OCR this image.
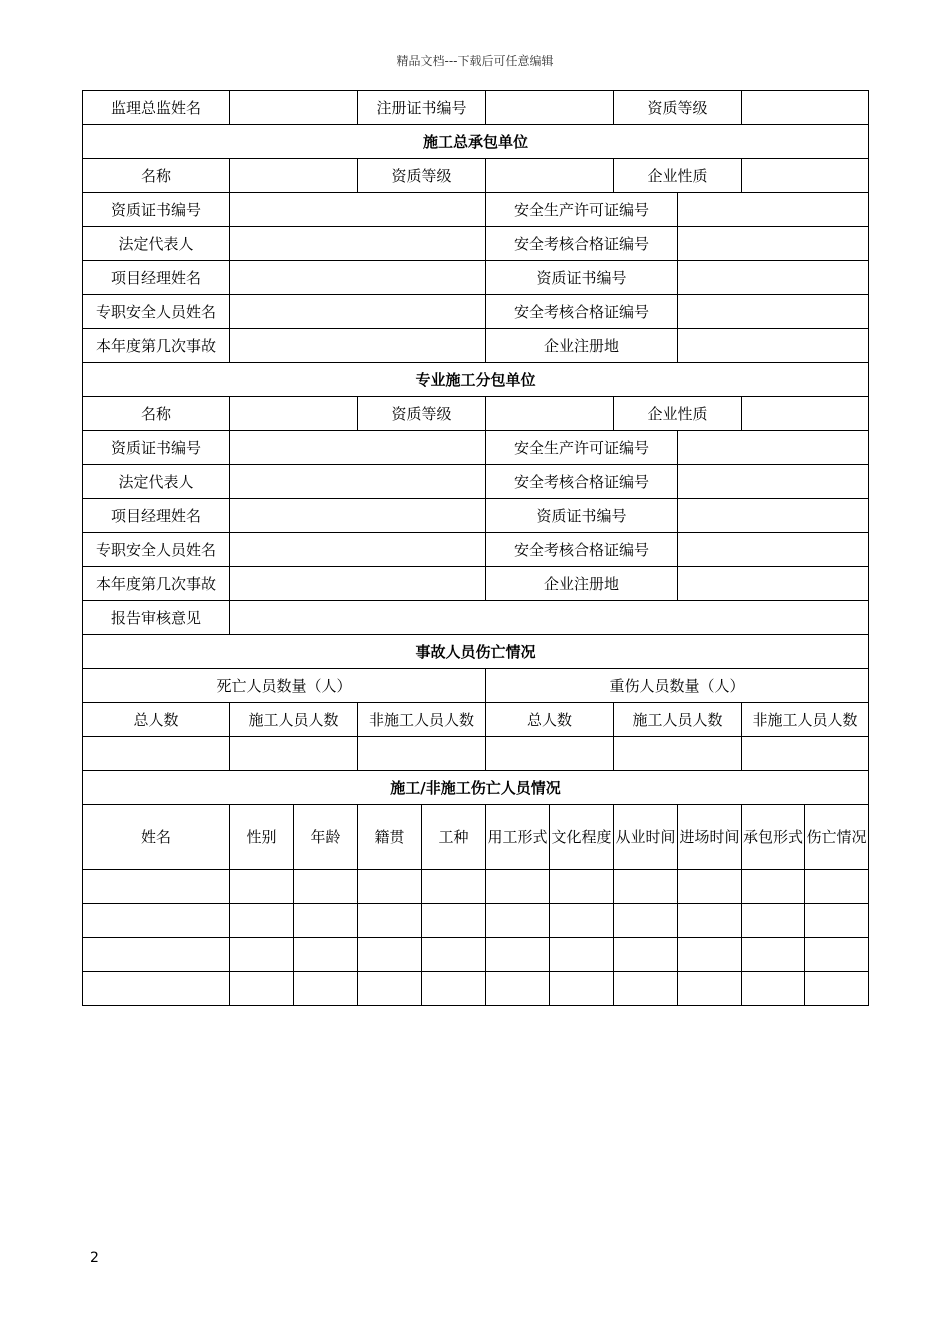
精品文档---下载后可任意编辑
监理总监姓名			注册证书编号				资质等级			
施工总承包单位										
名称			资质等级				企业性质			
资质证书编号					安全生产许可证编号					
法定代表人					安全考核合格证编号					
项目经理姓名					资质证书编号					
专职安全人员姓名					安全考核合格证编号					
本年度第几次事故					企业注册地					
专业施工分包单位										
名称			资质等级				企业性质			
资质证书编号					安全生产许可证编号					
法定代表人					安全考核合格证编号					
项目经理姓名					资质证书编号					
专职安全人员姓名					安全考核合格证编号					
本年度第几次事故					企业注册地					
报告审核意见	

事故人员伤亡情况										
死亡人员数量（人）					重伤人员数量（人）					
总人数	施工人员人数		非施工人员人数		总人数		施工人员人数		非施工人员人数	

施工/非施工伤亡人员情况										
姓名	性别	年龄	籍贯	工种	用工形式	文化程度	从业时间	进场时间	承包形式	伤亡情况

2
